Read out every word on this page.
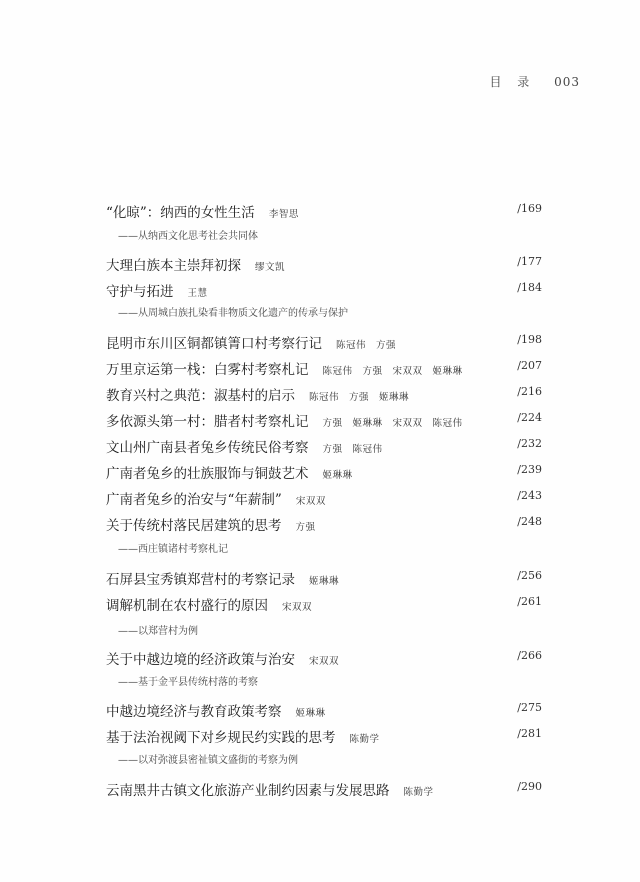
目 录 003
“化晾”：纳西的女性生活 李智思	/169
——从纳西文化思考社会共同体
大理白族本主崇拜初探 缪文凯	/177
守护与拓进 王慧	/184
——从周城白族扎染看非物质文化遗产的传承与保护
昆明市东川区铜都镇箐口村考察行记 陈冠伟 方强	/198
万里京运第一栈：白雾村考察札记 陈冠伟 方强 宋双双 姬琳琳	/207
教育兴村之典范：淑基村的启示 陈冠伟 方强 姬琳琳	/216
多依源头第一村：腊者村考察札记 方强 姬琳琳 宋双双 陈冠伟	/224
文山州广南县者兔乡传统民俗考察 方强 陈冠伟	/232
广南者兔乡的壮族服饰与铜鼓艺术 姬琳琳	/239
广南者兔乡的治安与“年薪制” 宋双双	/243
关于传统村落民居建筑的思考 方强	/248
——西庄镇诸村考察札记
石屏县宝秀镇郑营村的考察记录 姬琳琳	/256
调解机制在农村盛行的原因 宋双双	/261
——以郑营村为例
关于中越边境的经济政策与治安 宋双双	/266
——基于金平县传统村落的考察
中越边境经济与教育政策考察 姬琳琳	/275
基于法治视阈下对乡规民约实践的思考 陈勤学	/281
——以对弥渡县密祉镇文盛街的考察为例
云南黑井古镇文化旅游产业制约因素与发展思路 陈勤学	/290
